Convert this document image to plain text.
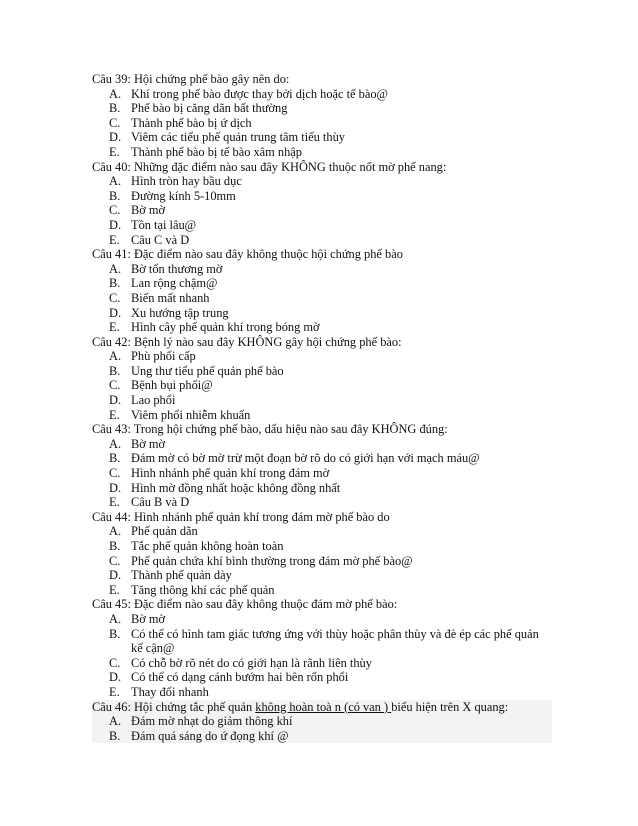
Câu 39: Hội chứng phế bào gây nên do:
A. Khí trong phế bào được thay bởi dịch hoặc tế bào@
B. Phế bào bị căng dãn bất thường
C. Thành phế bào bị ứ dịch
D. Viêm các tiểu phế quản trung tâm tiểu thùy
E. Thành phế bào bị tế bào xâm nhập
Câu 40: Những đặc điểm nào sau đây KHÔNG thuộc nốt mờ phế nang:
A. Hình tròn hay bầu dục
B. Đường kính 5-10mm
C. Bờ mờ
D. Tồn tại lâu@
E. Câu C và D
Câu 41: Đặc điểm nào sau đây không thuộc hội chứng phế bào
A. Bờ tổn thương mờ
B. Lan rộng chậm@
C. Biến mất nhanh
D. Xu hướng tập trung
E. Hình cây phế quản khí trong bóng mờ
Câu 42: Bệnh lý nào sau đây KHÔNG gây hội chứng phế bào:
A. Phù phổi cấp
B. Ung thư tiểu phế quản phế bào
C. Bệnh bụi phổi@
D. Lao phổi
E. Viêm phổi nhiễm khuẩn
Câu 43: Trong hội chứng phế bào, dấu hiệu nào sau đây KHÔNG đúng:
A. Bờ mờ
B. Đám mờ có bờ mờ trừ một đoạn bờ rõ do có giới hạn với mạch máu@
C. Hình nhánh phế quản khí trong đám mờ
D. Hình mờ đồng nhất hoặc không đồng nhất
E. Câu B và D
Câu 44: Hình nhánh phế quản khí trong đám mờ phế bào do
A. Phế quản dãn
B. Tắc phế quản không hoàn toàn
C. Phế quản chứa khí bình thường trong đám mờ phế bào@
D. Thành phế quản dày
E. Tăng thông khí các phế quản
Câu 45: Đặc điểm nào sau đây không thuộc đám mờ phế bào:
A. Bờ mờ
B. Có thể có hình tam giác tương ứng với thùy hoặc phân thùy và đè ép các phế quản kế cận@
C. Có chỗ bờ rõ nét do có giới hạn là rãnh liên thùy
D. Có thể có dạng cánh bướm hai bên rốn phổi
E. Thay đổi nhanh
Câu 46: Hội chứng tắc phế quản không hoàn toà n (có van ) biểu hiện trên X quang:
A. Đám mờ nhạt do giảm thông khí
B. Đám quá sáng do ứ đọng khí @
